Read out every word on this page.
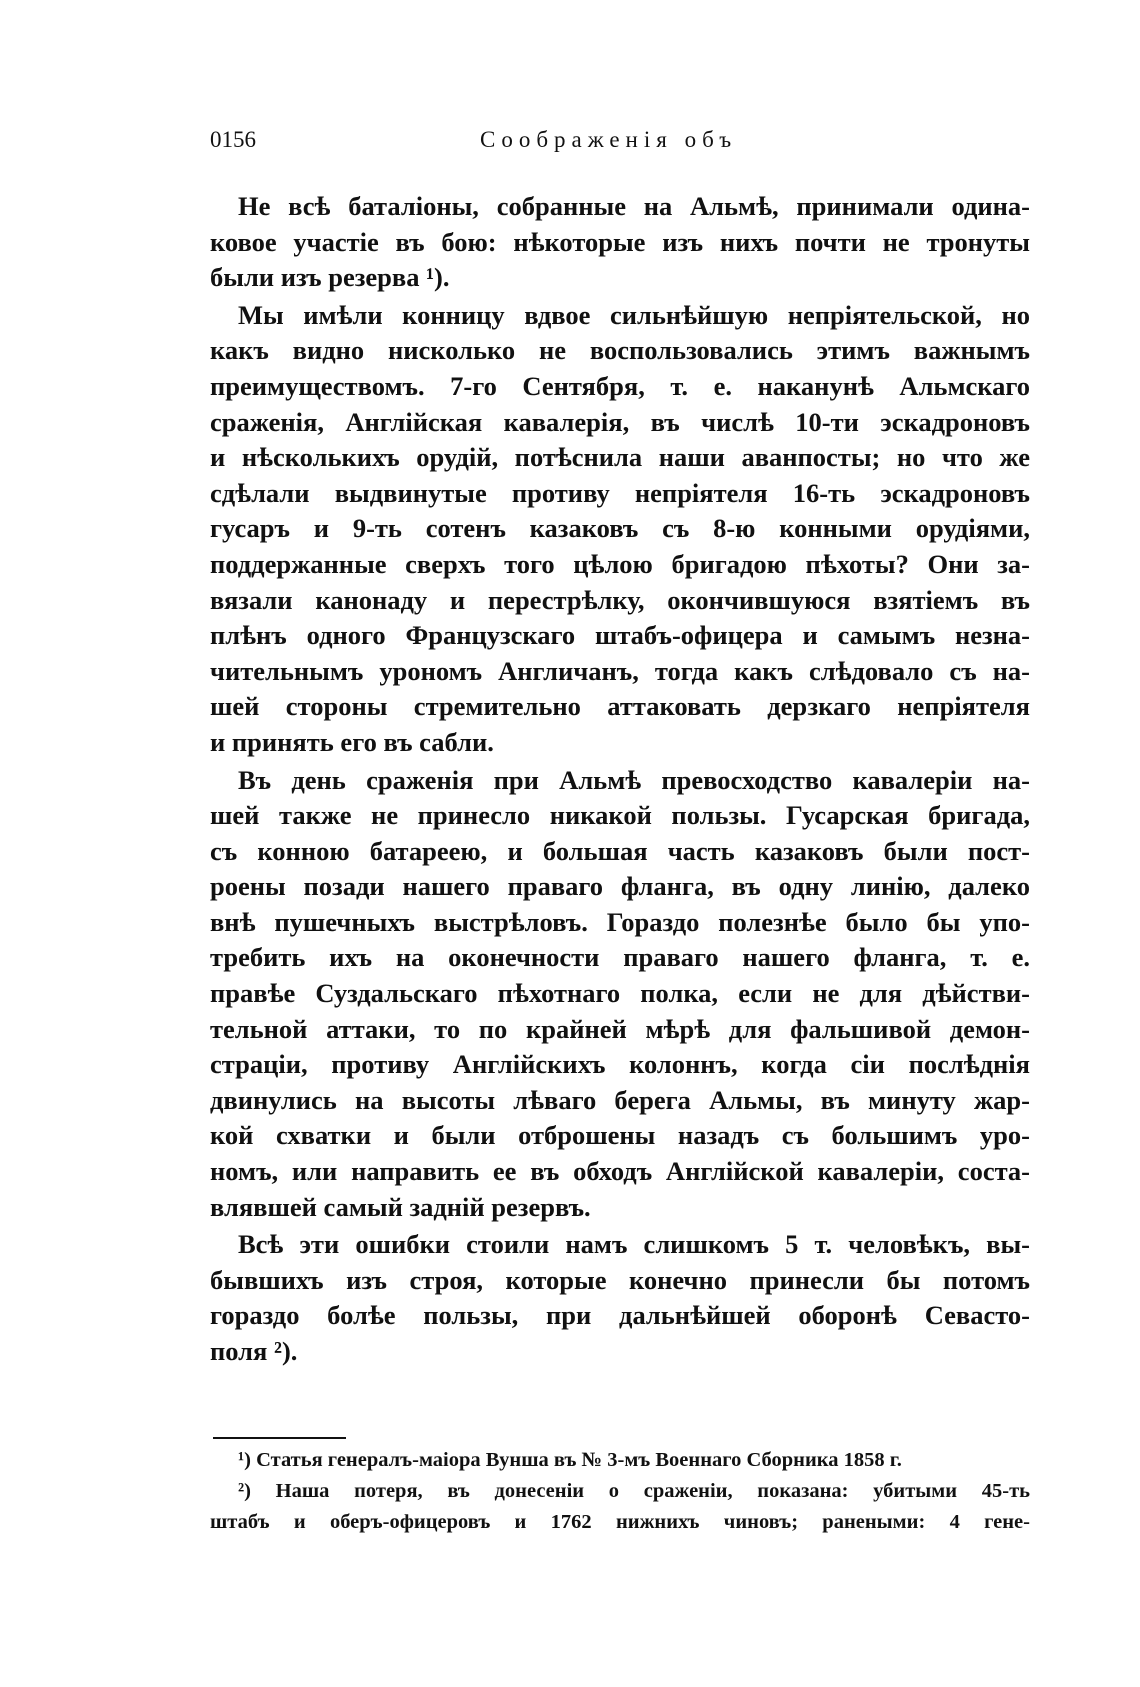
0156	Соображенія объ
Не всѣ баталіоны, собранные на Альмѣ, принимали одина-
ковое участіе въ бою: нѣкоторые изъ нихъ почти не тронуты
были изъ резерва ¹).
Мы имѣли конницу вдвое сильнѣйшую непріятельской, но
какъ видно нисколько не воспользовались этимъ важнымъ
преимуществомъ. 7-го Сентября, т. е. наканунѣ Альмскаго
сраженія, Англійская кавалерія, въ числѣ 10-ти эскадроновъ
и нѣсколькихъ орудій, потѣснила наши аванпосты; но что же
сдѣлали выдвинутые противу непріятеля 16-ть эскадроновъ
гусаръ и 9-ть сотенъ казаковъ съ 8-ю конными орудіями,
поддержанные сверхъ того цѣлою бригадою пѣхоты? Они за-
вязали канонаду и перестрѣлку, окончившуюся взятіемъ въ
плѣнъ одного Французскаго штабъ-офицера и самымъ незна-
чительнымъ урономъ Англичанъ, тогда какъ слѣдовало съ на-
шей стороны стремительно аттаковать дерзкаго непріятеля
и принять его въ сабли.
Въ день сраженія при Альмѣ превосходство кавалеріи на-
шей также не принесло никакой пользы. Гусарская бригада,
съ конною батареею, и большая часть казаковъ были пост-
роены позади нашего праваго фланга, въ одну линію, далеко
внѣ пушечныхъ выстрѣловъ. Гораздо полезнѣе было бы упо-
требить ихъ на оконечности праваго нашего фланга, т. е.
правѣе Суздальскаго пѣхотнаго полка, если не для дѣйстви-
тельной аттаки, то по крайней мѣрѣ для фальшивой демон-
страціи, противу Англійскихъ колоннъ, когда сіи послѣднія
двинулись на высоты лѣваго берега Альмы, въ минуту жар-
кой схватки и были отброшены назадъ съ большимъ уро-
номъ, или направить ее въ обходъ Англійской кавалеріи, соста-
влявшей самый задній резервъ.
Всѣ эти ошибки стоили намъ слишкомъ 5 т. человѣкъ, вы-
бывшихъ изъ строя, которые конечно принесли бы потомъ
гораздо болѣе пользы, при дальнѣйшей оборонѣ Севасто-
поля ²).
¹) Статья генералъ-маіора Вунша въ № 3-мъ Военнаго Сборника 1858 г.
²) Наша потеря, въ донесеніи о сраженіи, показана: убитыми 45-ть
штабъ и оберъ-офицеровъ и 1762 нижнихъ чиновъ; ранеными: 4 гене-
